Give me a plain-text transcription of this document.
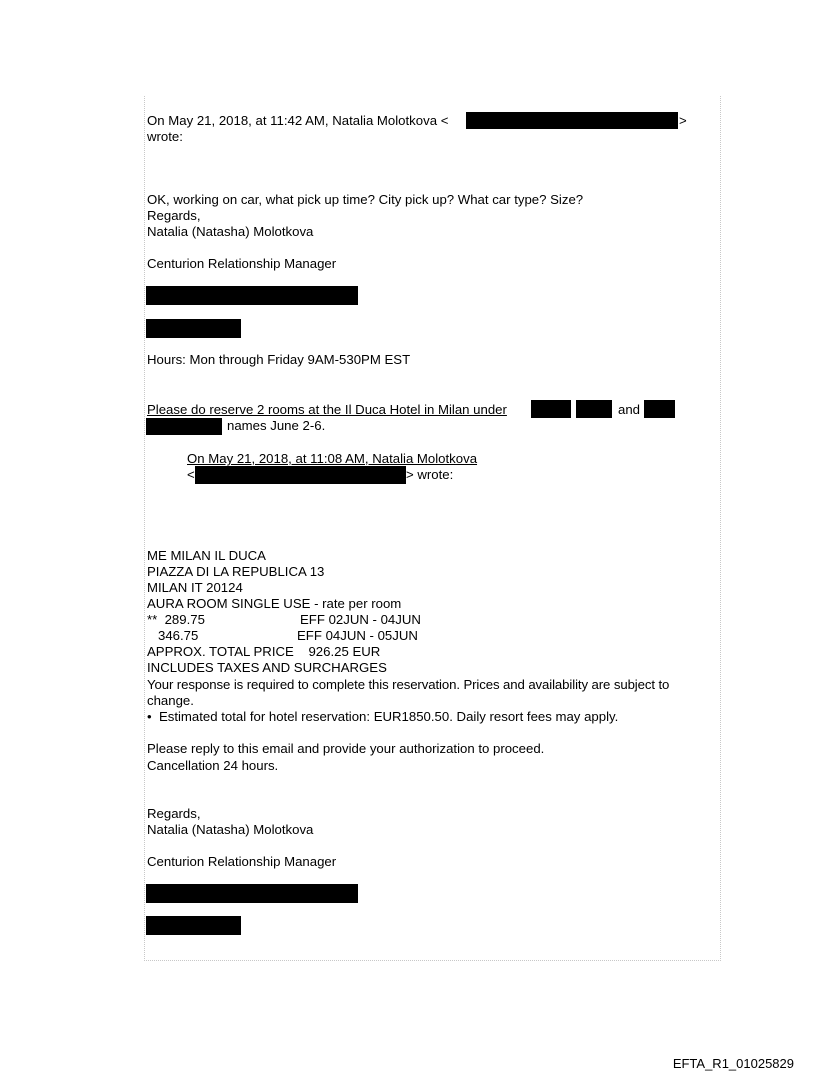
On May 21, 2018, at 11:42 AM, Natalia Molotkova <	>
wrote:
OK, working on car, what pick up time? City pick up? What car type? Size?
Regards,
Natalia (Natasha) Molotkova
Centurion Relationship Manager
Hours: Mon through Friday 9AM-530PM EST
Please do reserve 2 rooms at the Il Duca Hotel in Milan under	and
names June 2-6.
On May 21, 2018, at 11:08 AM, Natalia Molotkova
<	> wrote:
ME MILAN IL DUCA
PIAZZA DI LA REPUBLICA 13
MILAN IT 20124
AURA ROOM SINGLE USE - rate per room
**  289.75	EFF 02JUN - 04JUN
346.75	EFF 04JUN - 05JUN
APPROX. TOTAL PRICE    926.25 EUR
INCLUDES TAXES AND SURCHARGES
Your response is required to complete this reservation. Prices and availability are subject to
change.
•  Estimated total for hotel reservation: EUR1850.50. Daily resort fees may apply.
Please reply to this email and provide your authorization to proceed.
Cancellation 24 hours.
Regards,
Natalia (Natasha) Molotkova
Centurion Relationship Manager
EFTA_R1_01025829
